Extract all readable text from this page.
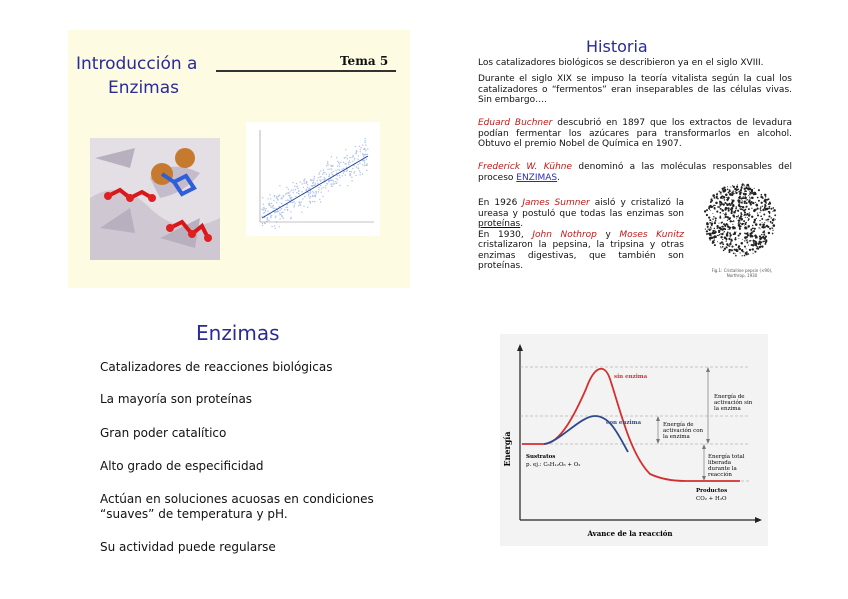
Introducción a	Tema 5
Enzimas
Historia
Los catalizadores biológicos se describieron ya en el siglo XVIII.
Durante el siglo XIX se impuso la teoría vitalista según la cual los catalizadores o “fermentos” eran inseparables de las células vivas. Sin embargo….
Eduard Buchner descubrió en 1897 que los extractos de levadura podían fermentar los azúcares para transformarlos en alcohol. Obtuvo el premio Nobel de Química en 1907.
Frederick W. Kühne denominó a las moléculas responsables del proceso ENZIMAS.
En 1926 James Sumner aisló y cristalizó la ureasa y postuló que todas las enzimas son proteínas.
En 1930, John Nothrop y Moses Kunitz cristalizaron la pepsina, la tripsina y otras enzimas digestivas, que también son proteínas.	Fig.1: Cristalline pepsin (×90), Northrop, 1930
Enzimas
Catalizadores de reacciones biológicas
La mayoría son proteínas
Gran poder catalítico
Alto grado de especificidad
Actúan en soluciones acuosas en condiciones
“suaves” de temperatura y pH.
Su actividad puede regularse
Energía
Avance de la reacción
sin enzima
con enzima
Energía de
activación sin
la enzima
Energía de
activación con
la enzima
Energía total
liberada
durante la
reacción
Sustratos
p. ej.: C₆H₁₂O₆ + O₂
Productos
CO₂ + H₂O
